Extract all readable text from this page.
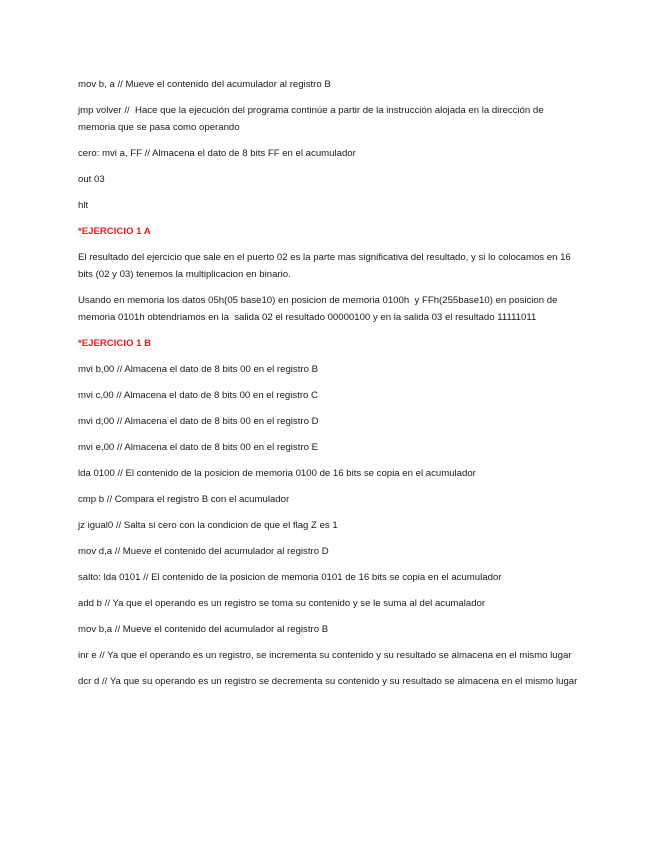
mov b, a // Mueve el contenido del acumulador al registro B

jmp volver //  Hace que la ejecución del programa continúe a partir de la instrucción alojada en la dirección de memoria que se pasa como operando

cero: mvi a, FF // Almacena el dato de 8 bits FF en el acumulador

out 03

hlt

*EJERCICIO 1 A

El resultado del ejercicio que sale en el puerto 02 es la parte mas significativa del resultado, y si lo colocamos en 16 bits (02 y 03) tenemos la multiplicacion en binario.

Usando en memoria los datos 05h(05 base10) en posicion de memoria 0100h  y FFh(255base10) en posicion de memoria 0101h obtendriamos en la  salida 02 el resultado 00000100 y en la salida 03 el resultado 11111011

*EJERCICIO 1 B

mvi b,00 // Almacena el dato de 8 bits 00 en el registro B

mvi c,00 // Almacena el dato de 8 bits 00 en el registro C

mvi d,00 // Almacena el dato de 8 bits 00 en el registro D

mvi e,00 // Almacena el dato de 8 bits 00 en el registro E

lda 0100 // El contenido de la posicion de memoria 0100 de 16 bits se copia en el acumulador

cmp b // Compara el registro B con el acumulador

jz igual0 // Salta si cero con la condicion de que el flag Z es 1

mov d,a // Mueve el contenido del acumulador al registro D

salto: lda 0101 // El contenido de la posicion de memoria 0101 de 16 bits se copia en el acumulador

add b // Ya que el operando es un registro se toma su contenido y se le suma al del acumalador

mov b,a // Mueve el contenido del acumulador al registro B

inr e // Ya que el operando es un registro, se incrementa su contenido y su resultado se almacena en el mismo lugar

dcr d // Ya que su operando es un registro se decrementa su contenido y su resultado se almacena en el mismo lugar
